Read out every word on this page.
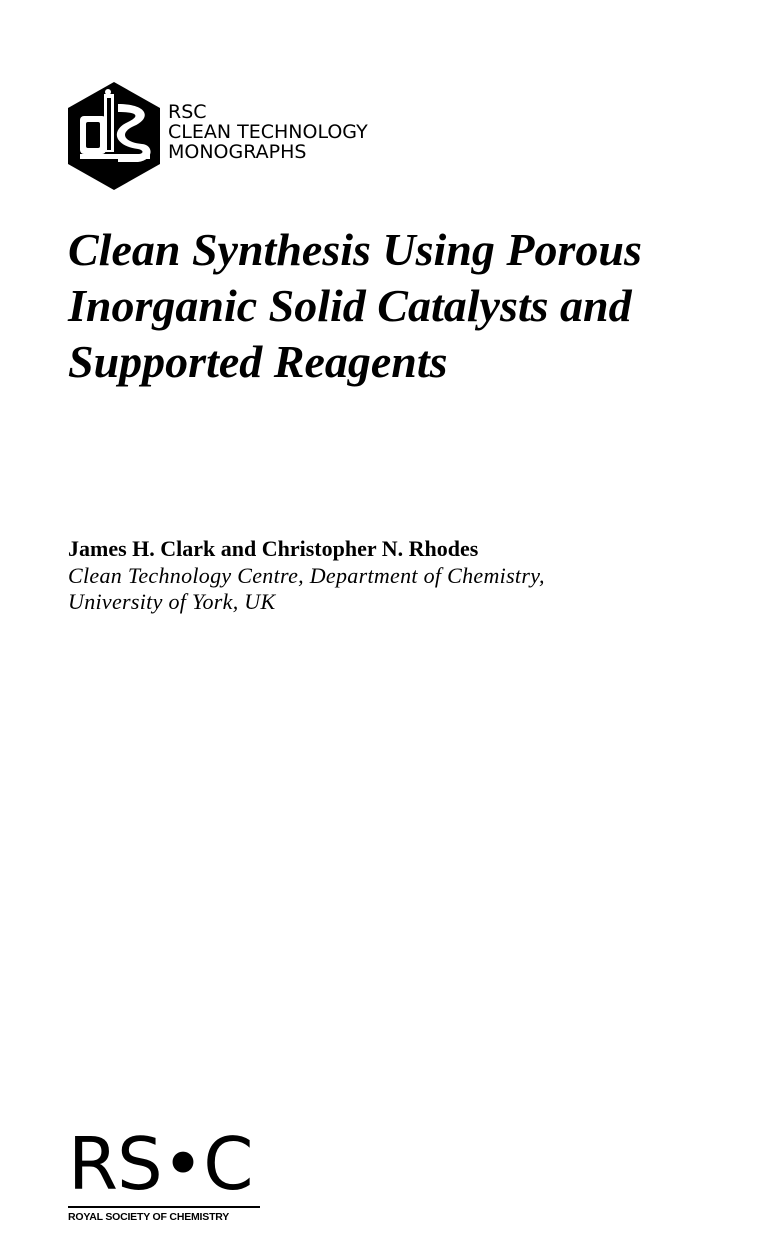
RSC
CLEAN TECHNOLOGY
MONOGRAPHS
Clean Synthesis Using Porous
Inorganic Solid Catalysts and
Supported Reagents
James H. Clark and Christopher N. Rhodes
Clean Technology Centre, Department of Chemistry,
University of York, UK
RS•C
ROYAL SOCIETY OF CHEMISTRY
